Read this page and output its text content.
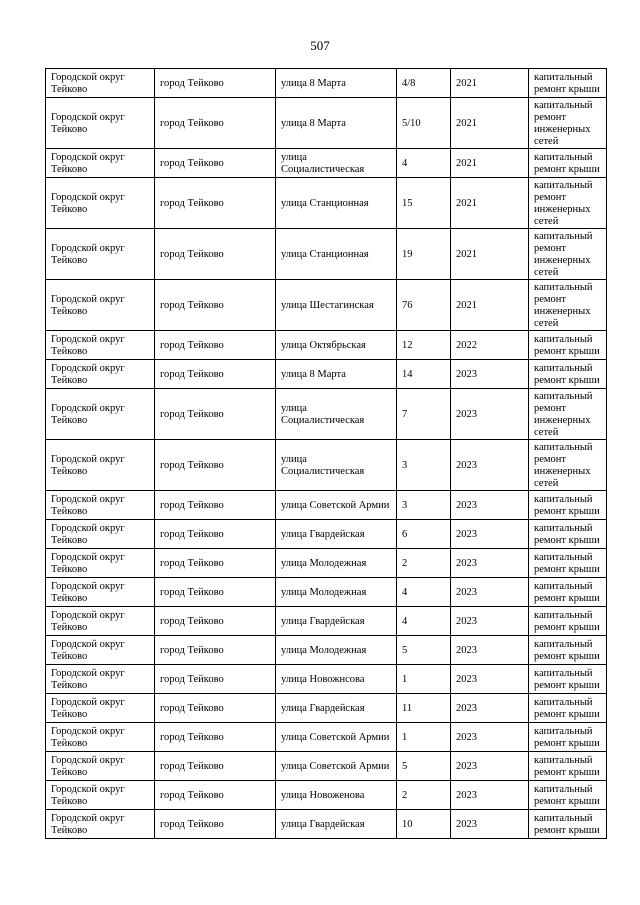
507
Городской округ Тейково	город Тейково	улица 8 Марта	4/8	2021	капитальный ремонт крыши
Городской округ Тейково	город Тейково	улица 8 Марта	5/10	2021	капитальный ремонт инженерных сетей
Городской округ Тейково	город Тейково	улица Социалистическая	4	2021	капитальный ремонт крыши
Городской округ Тейково	город Тейково	улица Станционная	15	2021	капитальный ремонт инженерных сетей
Городской округ Тейково	город Тейково	улица Станционная	19	2021	капитальный ремонт инженерных сетей
Городской округ Тейково	город Тейково	улица Шестагинская	76	2021	капитальный ремонт инженерных сетей
Городской округ Тейково	город Тейково	улица Октябрьская	12	2022	капитальный ремонт крыши
Городской округ Тейково	город Тейково	улица 8 Марта	14	2023	капитальный ремонт крыши
Городской округ Тейково	город Тейково	улица Социалистическая	7	2023	капитальный ремонт инженерных сетей
Городской округ Тейково	город Тейково	улица Социалистическая	3	2023	капитальный ремонт инженерных сетей
Городской округ Тейково	город Тейково	улица Советской Армии	3	2023	капитальный ремонт крыши
Городской округ Тейково	город Тейково	улица Гвардейская	6	2023	капитальный ремонт крыши
Городской округ Тейково	город Тейково	улица Молодежная	2	2023	капитальный ремонт крыши
Городской округ Тейково	город Тейково	улица Молодежная	4	2023	капитальный ремонт крыши
Городской округ Тейково	город Тейково	улица Гвардейская	4	2023	капитальный ремонт крыши
Городской округ Тейково	город Тейково	улица Молодежная	5	2023	капитальный ремонт крыши
Городской округ Тейково	город Тейково	улица Новожнсова	1	2023	капитальный ремонт крыши
Городской округ Тейково	город Тейково	улица Гвардейская	11	2023	капитальный ремонт крыши
Городской округ Тейково	город Тейково	улица Советской Армии	1	2023	капитальный ремонт крыши
Городской округ Тейково	город Тейково	улица Советской Армии	5	2023	капитальный ремонт крыши
Городской округ Тейково	город Тейково	улица Новоженова	2	2023	капитальный ремонт крыши
Городской округ Тейково	город Тейково	улица Гвардейская	10	2023	капитальный ремонт крыши
